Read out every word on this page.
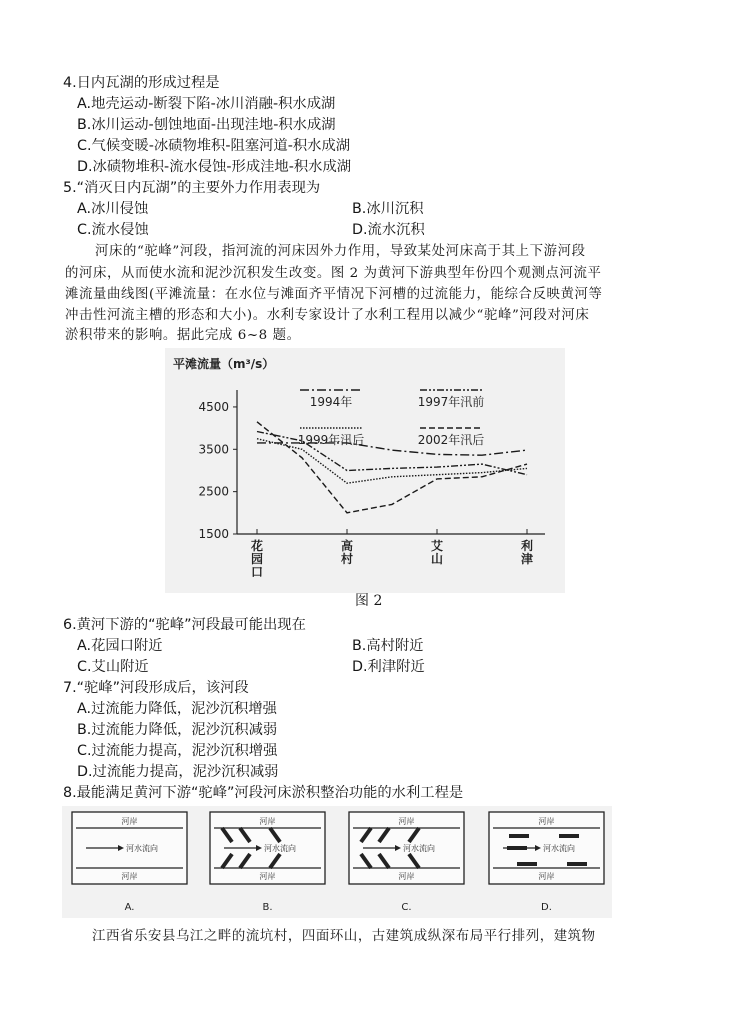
4.日内瓦湖的形成过程是
A.地壳运动-断裂下陷-冰川消融-积水成湖
B.冰川运动-刨蚀地面-出现洼地-积水成湖
C.气候变暖-冰碛物堆积-阻塞河道-积水成湖
D.冰碛物堆积-流水侵蚀-形成洼地-积水成湖
5.“消灭日内瓦湖”的主要外力作用表现为
A.冰川侵蚀	B.冰川沉积
C.流水侵蚀	D.流水沉积
河床的“驼峰”河段，指河流的河床因外力作用，导致某处河床高于其上下游河段
的河床，从而使水流和泥沙沉积发生改变。图 2 为黄河下游典型年份四个观测点河流平
滩流量曲线图(平滩流量：在水位与滩面齐平情况下河槽的过流能力，能综合反映黄河等
冲击性河流主槽的形态和大小)。水利专家设计了水利工程用以减少“驼峰”河段对河床
淤积带来的影响。据此完成 6~8 题。
平滩流量（m³/s）
4500
3500
2500
1500
花园口
高村
艾山
利津
1994年	1997年汛前
1999年汛后	2002年汛后
图 2
6.黄河下游的“驼峰”河段最可能出现在
A.花园口附近	B.高村附近
C.艾山附近	D.利津附近
7.“驼峰”河段形成后，该河段
A.过流能力降低，泥沙沉积增强
B.过流能力降低，泥沙沉积减弱
C.过流能力提高，泥沙沉积增强
D.过流能力提高，泥沙沉积减弱
8.最能满足黄河下游“驼峰”河段河床淤积整治功能的水利工程是
河岸
河岸
河水流向
A.
河岸
河岸
河水流向
B.
河岸
河岸
河水流向
C.
河岸
河岸
河水流向
D.
江西省乐安县乌江之畔的流坑村，四面环山，古建筑成纵深布局平行排列，建筑物
